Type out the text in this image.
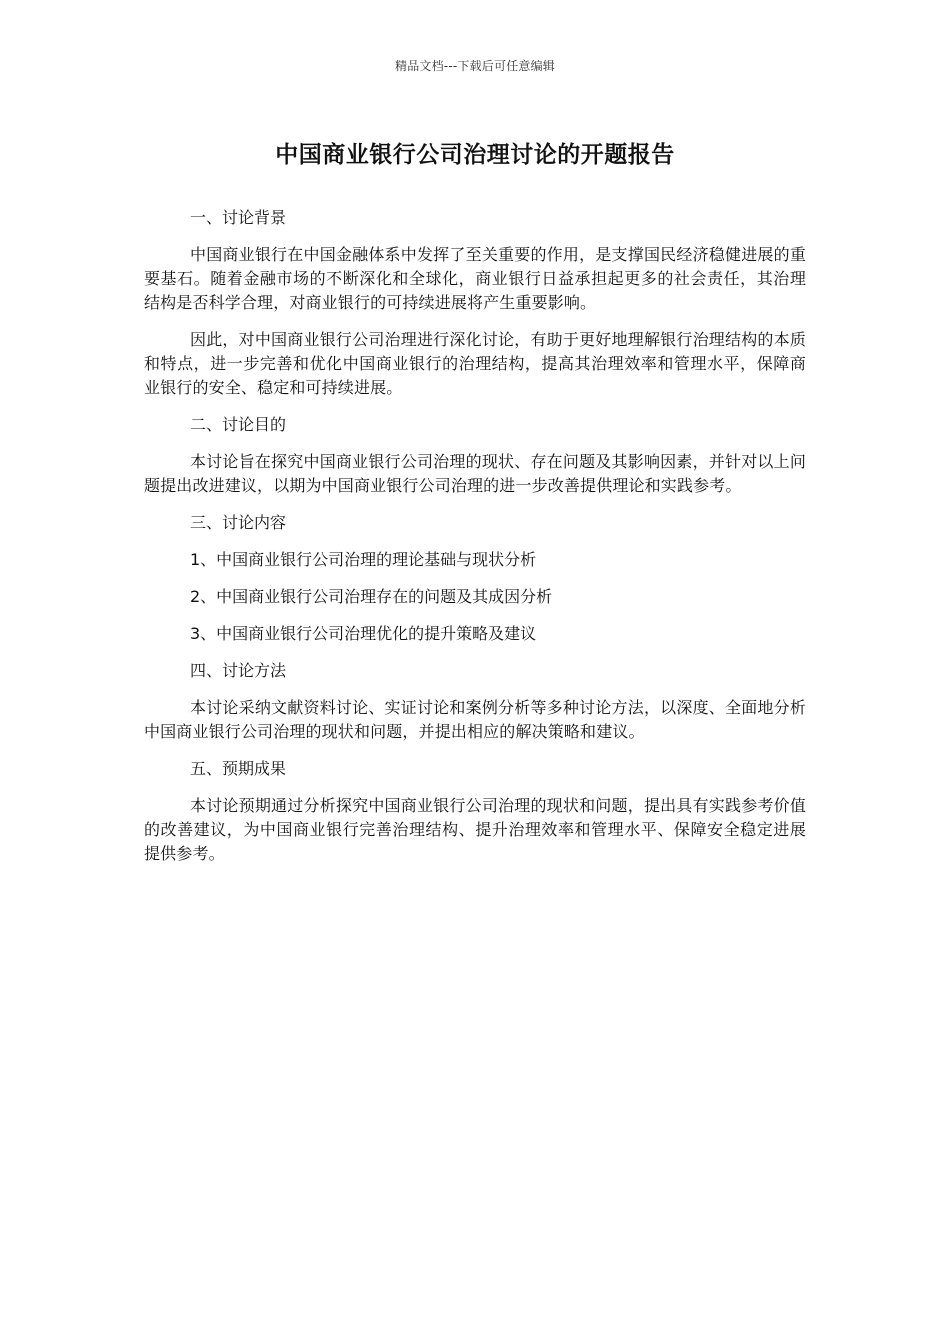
精品文档---下载后可任意编辑
中国商业银行公司治理讨论的开题报告
一、讨论背景

中国商业银行在中国金融体系中发挥了至关重要的作用，是支撑国民经济稳健进展的重要基石。随着金融市场的不断深化和全球化，商业银行日益承担起更多的社会责任，其治理结构是否科学合理，对商业银行的可持续进展将产生重要影响。

因此，对中国商业银行公司治理进行深化讨论，有助于更好地理解银行治理结构的本质和特点，进一步完善和优化中国商业银行的治理结构，提高其治理效率和管理水平，保障商业银行的安全、稳定和可持续进展。

二、讨论目的

本讨论旨在探究中国商业银行公司治理的现状、存在问题及其影响因素，并针对以上问题提出改进建议，以期为中国商业银行公司治理的进一步改善提供理论和实践参考。

三、讨论内容
1、中国商业银行公司治理的理论基础与现状分析
2、中国商业银行公司治理存在的问题及其成因分析
3、中国商业银行公司治理优化的提升策略及建议
四、讨论方法

本讨论采纳文献资料讨论、实证讨论和案例分析等多种讨论方法，以深度、全面地分析中国商业银行公司治理的现状和问题，并提出相应的解决策略和建议。

五、预期成果

本讨论预期通过分析探究中国商业银行公司治理的现状和问题，提出具有实践参考价值的改善建议，为中国商业银行完善治理结构、提升治理效率和管理水平、保障安全稳定进展提供参考。
